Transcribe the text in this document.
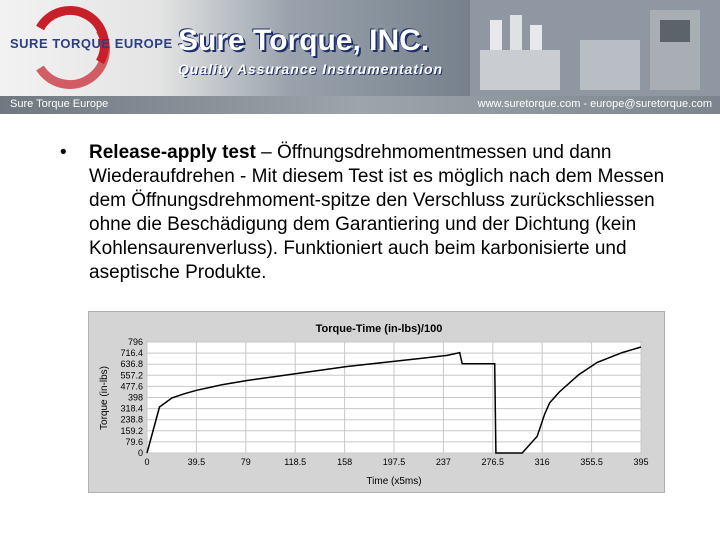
SURE TORQUE EUROPE Sure Torque, INC.
Quality Assurance Instrumentation
Sure Torque Europe	www.suretorque.com - europe@suretorque.com
• Release-apply test – Öffnungsdrehmomentmessen und dann Wiederaufdrehen - Mit diesem Test ist es möglich nach dem Messen dem Öffnungsdrehmoment-spitze den Verschluss zurückschliessen ohne die Beschädigung dem Garantiering und der Dichtung (kein Kohlensaurenverluss). Funktioniert auch beim karbonisierte und aseptische Produkte.
Torque-Time (in-lbs)/100
796
716.4
636.8
557.2
477.6
398
318.4
238.8
159.2
79.6
0
0	39.5	79	118.5	158	197.5	237	276.5	316	355.5	395
Time (x5ms)
Torque (in-lbs)
